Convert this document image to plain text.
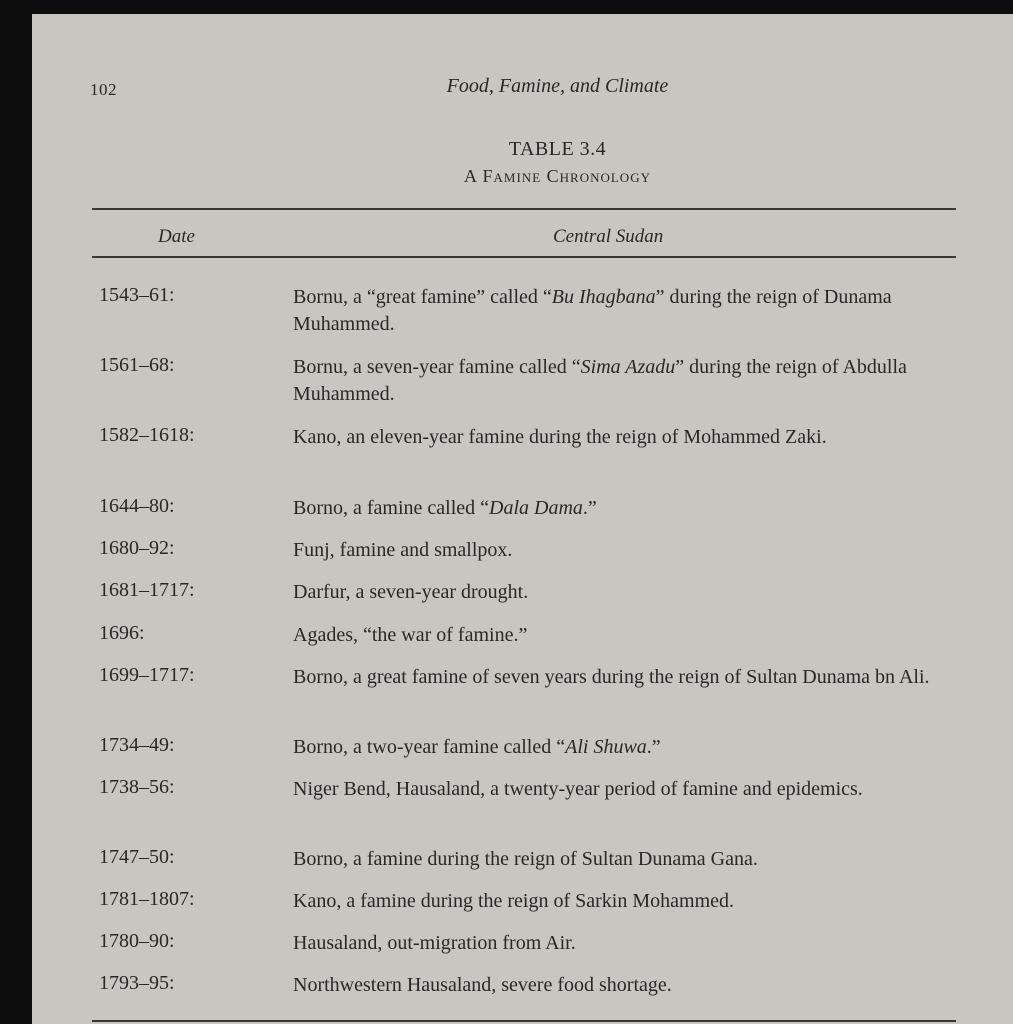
102	Food, Famine, and Climate
TABLE 3.4
A Famine Chronology
Date	Central Sudan
1543–61:	Bornu, a “great famine” called “Bu Ihagbana” during the reign of Dunama Muhammed.
1561–68:	Bornu, a seven-year famine called “Sima Azadu” during the reign of Abdulla Muhammed.
1582–1618:	Kano, an eleven-year famine during the reign of Mohammed Zaki.
1644–80:	Borno, a famine called “Dala Dama.”
1680–92:	Funj, famine and smallpox.
1681–1717:	Darfur, a seven-year drought.
1696:	Agades, “the war of famine.”
1699–1717:	Borno, a great famine of seven years during the reign of Sultan Dunama bn Ali.
1734–49:	Borno, a two-year famine called “Ali Shuwa.”
1738–56:	Niger Bend, Hausaland, a twenty-year period of famine and epidemics.
1747–50:	Borno, a famine during the reign of Sultan Dunama Gana.
1781–1807:	Kano, a famine during the reign of Sarkin Mohammed.
1780–90:	Hausaland, out-migration from Air.
1793–95:	Northwestern Hausaland, severe food shortage.
